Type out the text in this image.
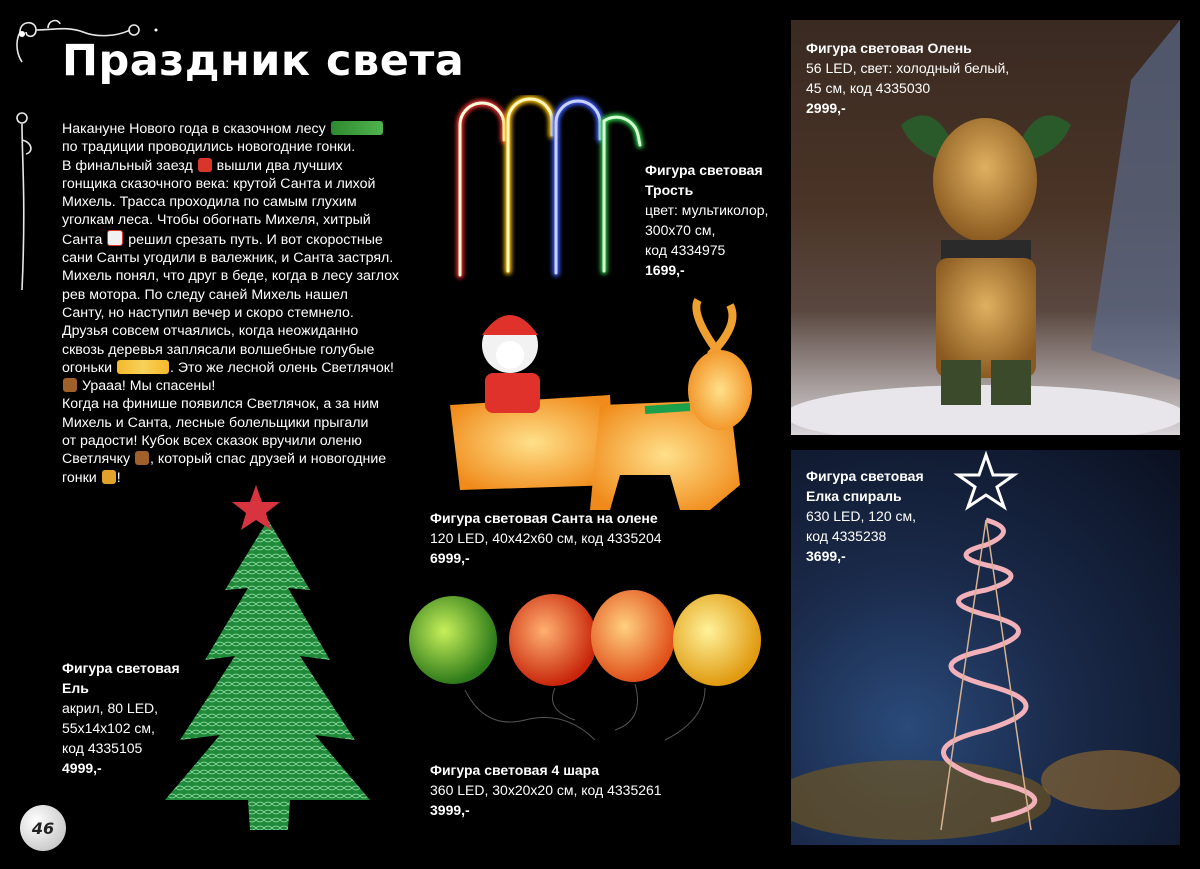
Праздник света

Накануне Нового года в сказочном лесу

по традиции проводились новогодние гонки.

В финальный заезд вышли два лучших

гонщика сказочного века: крутой Санта и лихой

Михель. Трасса проходила по самым глухим

уголкам леса. Чтобы обогнать Михеля, хитрый

Санта решил срезать путь. И вот скоростные

сани Санты угодили в валежник, и Санта застрял.

Михель понял, что друг в беде, когда в лесу заглох

рев мотора. По следу саней Михель нашел

Санту, но наступил вечер и скоро стемнело.

Друзья совсем отчаялись, когда неожиданно

сквозь деревья заплясали волшебные голубые

огоньки	. Это же лесной олень Светлячок!

Урааа! Мы спасены!

Когда на финише появился Светлячок, а за ним

Михель и Санта, лесные болельщики прыгали

от радости! Кубок всех сказок вручили оленю

Светлячку , который спас друзей и новогодние

гонки !

Фигура световая
Трость
цвет: мультиколор,
300х70 см,
код 4334975
1699,-
Фигура световая Санта на олене
120 LED, 40х42х60 см, код 4335204
6999,-
Фигура световая
Ель
акрил, 80 LED,
55х14х102 см,
код 4335105
4999,-	Фигура световая 4 шара
360 LED, 30х20х20 см, код 4335261
3999,-
46
Фигура световая Олень
56 LED, свет: холодный белый,
45 см, код 4335030
2999,-
Фигура световая
Елка спираль
630 LED, 120 см,
код 4335238
3699,-
